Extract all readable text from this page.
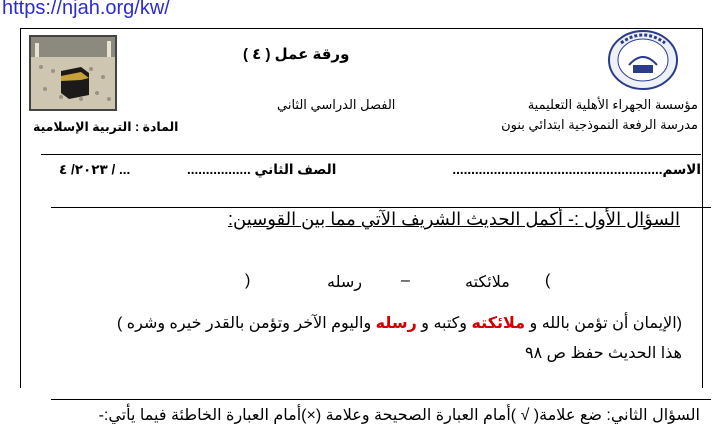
https://njah.org/kw/
ورقة عمل ( ٤ )
الفصل الدراسي الثاني	مؤسسة الجهراء الأهلية التعليمية
مدرسة الرفعة النموذجية ابتدائي بنون
المادة : التربية الإسلامية
الاسم........................................................
الصف الثاني .................
٢٠٢٣/ ٤ / ...
السؤال الأول :- أكمل الحديث الشريف الآتي مما بين القوسين:
(
ملائكته
–
رسله
)
(الإيمان أن تؤمن بالله و ملائكته وكتبه و رسله واليوم الآخر وتؤمن بالقدر خيره وشره )
هذا الحديث حفظ ص ٩٨
السؤال الثاني: ضع علامة( √ )أمام العبارة الصحيحة وعلامة (×)أمام العبارة الخاطئة فيما يأتي:-
